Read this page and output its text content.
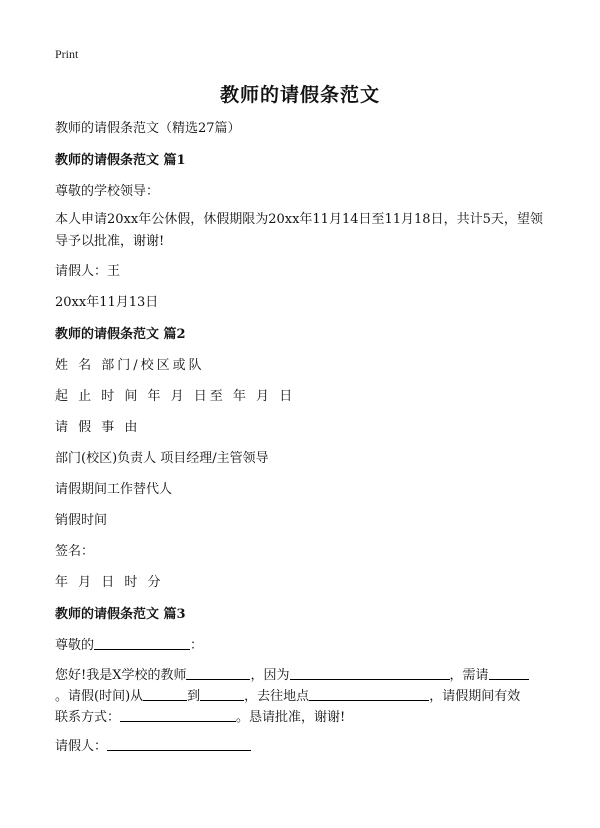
Print
教师的请假条范文
教师的请假条范文（精选27篇）
教师的请假条范文 篇1
尊敬的学校领导：
本人申请20xx年公休假，休假期限为20xx年11月14日至11月18日，共计5天，望领导予以批准，谢谢!
请假人：王
20xx年11月13日
教师的请假条范文 篇2
姓 名 部门/校区或队
起 止 时 间 年 月 日至 年 月 日
请 假 事 由
部门(校区)负责人 项目经理/主管领导
请假期间工作替代人
销假时间
签名：
年 月 日 时 分
教师的请假条范文 篇3
尊敬的	：
您好!我是X学校的教师	，因为	，需请
。请假(时间)从	到	，去往地点	，请假期间有效
联系方式：	。恳请批准，谢谢!
请假人：
